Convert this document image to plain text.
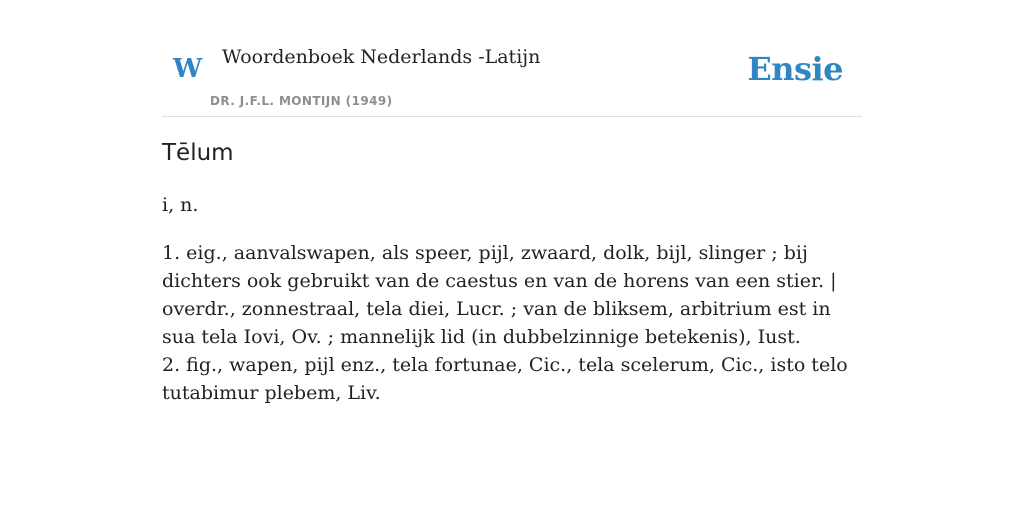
W Woordenboek Nederlands -Latijn
DR. J.F.L. MONTIJN (1949)
Ensie
Tēlum
i, n.

1. eig., aanvalswapen, als speer, pijl, zwaard, dolk, bijl, slinger ; bij dichters ook gebruikt van de caestus en van de horens van een stier. | overdr., zonnestraal, tela diei, Lucr. ; van de bliksem, arbitrium est in sua tela Iovi, Ov. ; mannelijk lid (in dubbelzinnige betekenis), Iust.

2. fig., wapen, pijl enz., tela fortunae, Cic., tela scelerum, Cic., isto telo tutabimur plebem, Liv.
